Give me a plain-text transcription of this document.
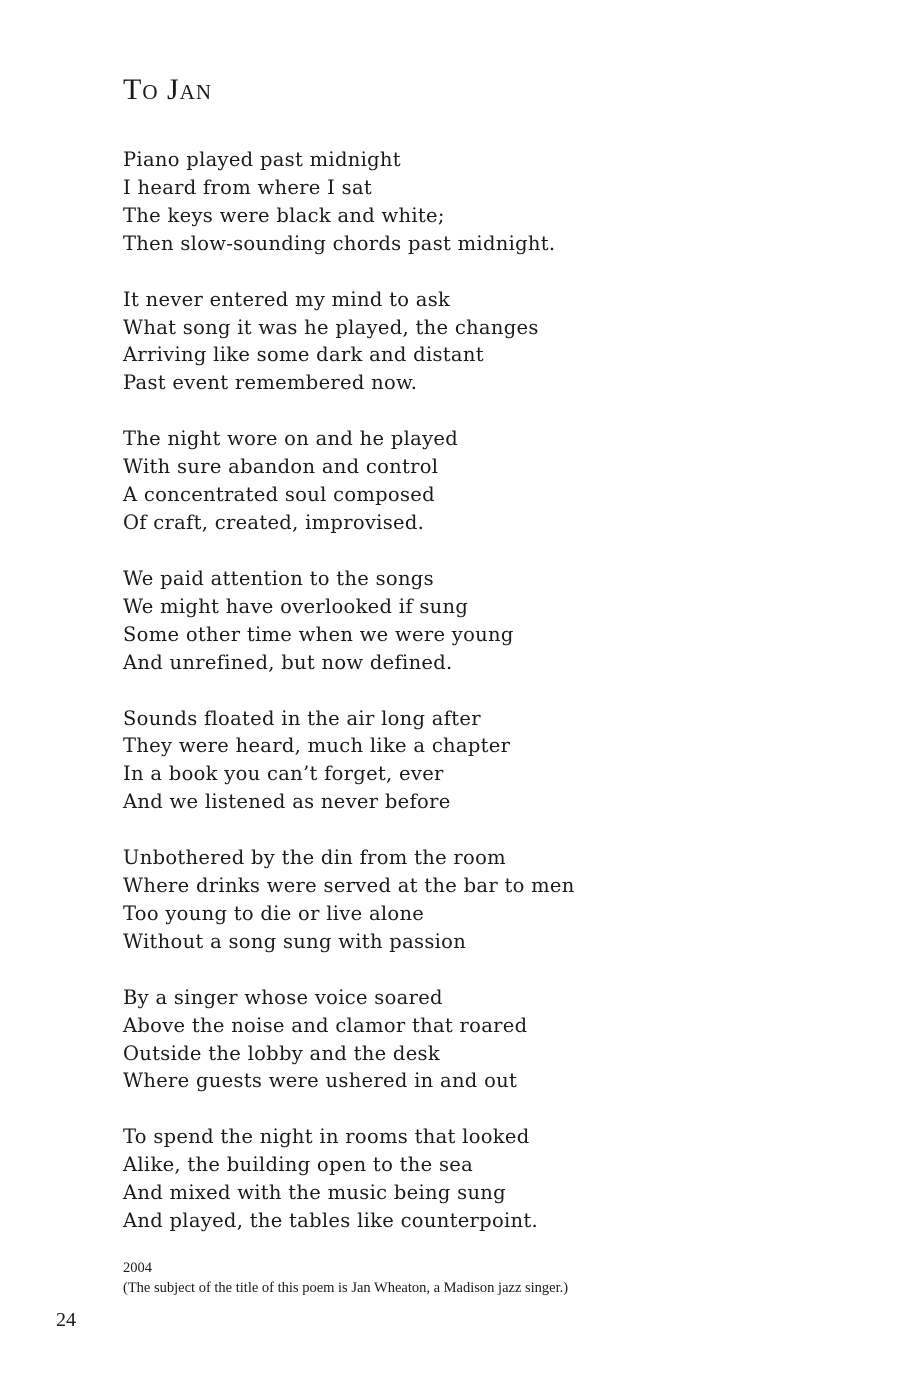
To Jan
Piano played past midnight
I heard from where I sat
The keys were black and white;
Then slow-sounding chords past midnight.
It never entered my mind to ask
What song it was he played, the changes
Arriving like some dark and distant
Past event remembered now.
The night wore on and he played
With sure abandon and control
A concentrated soul composed
Of craft, created, improvised.
We paid attention to the songs
We might have overlooked if sung
Some other time when we were young
And unrefined, but now defined.
Sounds floated in the air long after
They were heard, much like a chapter
In a book you can’t forget, ever
And we listened as never before
Unbothered by the din from the room
Where drinks were served at the bar to men
Too young to die or live alone
Without a song sung with passion
By a singer whose voice soared
Above the noise and clamor that roared
Outside the lobby and the desk
Where guests were ushered in and out
To spend the night in rooms that looked
Alike, the building open to the sea
And mixed with the music being sung
And played, the tables like counterpoint.
2004
(The subject of the title of this poem is Jan Wheaton, a Madison jazz singer.)
24
